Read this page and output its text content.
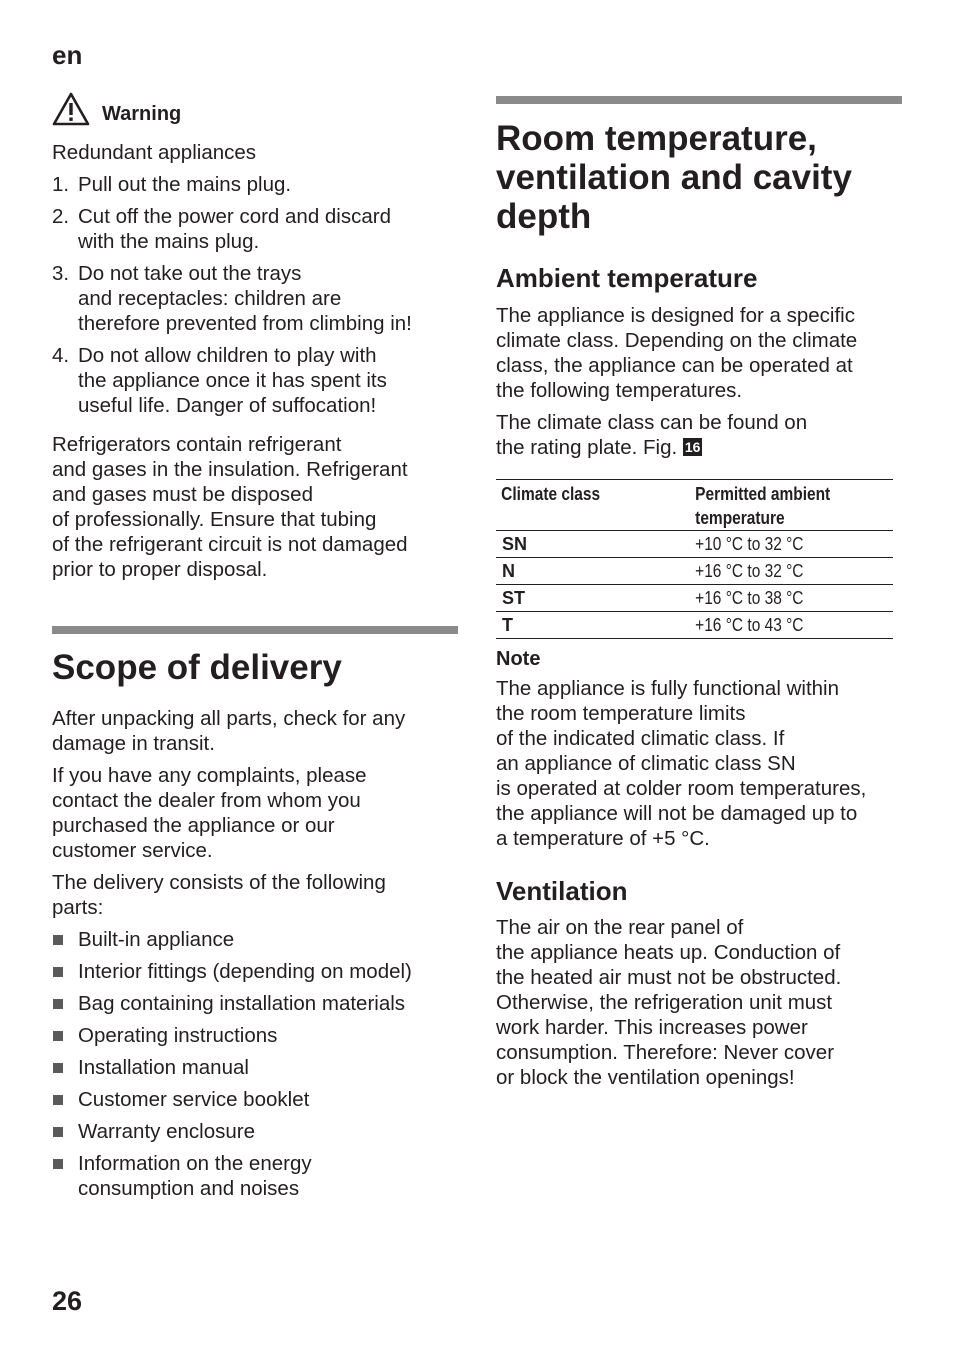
en
Warning

Redundant appliances

1. Pull out the mains plug.
2. Cut off the power cord and discard
with the mains plug.
3. Do not take out the trays
and receptacles: children are
therefore prevented from climbing in!
4. Do not allow children to play with
the appliance once it has spent its
useful life. Danger of suffocation!

Refrigerators contain refrigerant
and gases in the insulation. Refrigerant
and gases must be disposed
of professionally. Ensure that tubing
of the refrigerant circuit is not damaged
prior to proper disposal.

Scope of delivery

After unpacking all parts, check for any
damage in transit.

If you have any complaints, please
contact the dealer from whom you
purchased the appliance or our
customer service.

The delivery consists of the following
parts:

Built-in appliance
Interior fittings (depending on model)
Bag containing installation materials
Operating instructions
Installation manual
Customer service booklet
Warranty enclosure
Information on the energy
consumption and noises
Room temperature,
ventilation and cavity
depth
Ambient temperature

The appliance is designed for a specific
climate class. Depending on the climate
class, the appliance can be operated at
the following temperatures.

The climate class can be found on
the rating plate. Fig. 16

Climate class	Permitted ambient
temperature
SN	+10 °C to 32 °C
N	+16 °C to 32 °C
ST	+16 °C to 38 °C
T	+16 °C to 43 °C
Note

The appliance is fully functional within
the room temperature limits
of the indicated climatic class. If
an appliance of climatic class SN
is operated at colder room temperatures,
the appliance will not be damaged up to
a temperature of +5 °C.

Ventilation

The air on the rear panel of
the appliance heats up. Conduction of
the heated air must not be obstructed.
Otherwise, the refrigeration unit must
work harder. This increases power
consumption. Therefore: Never cover
or block the ventilation openings!

26
